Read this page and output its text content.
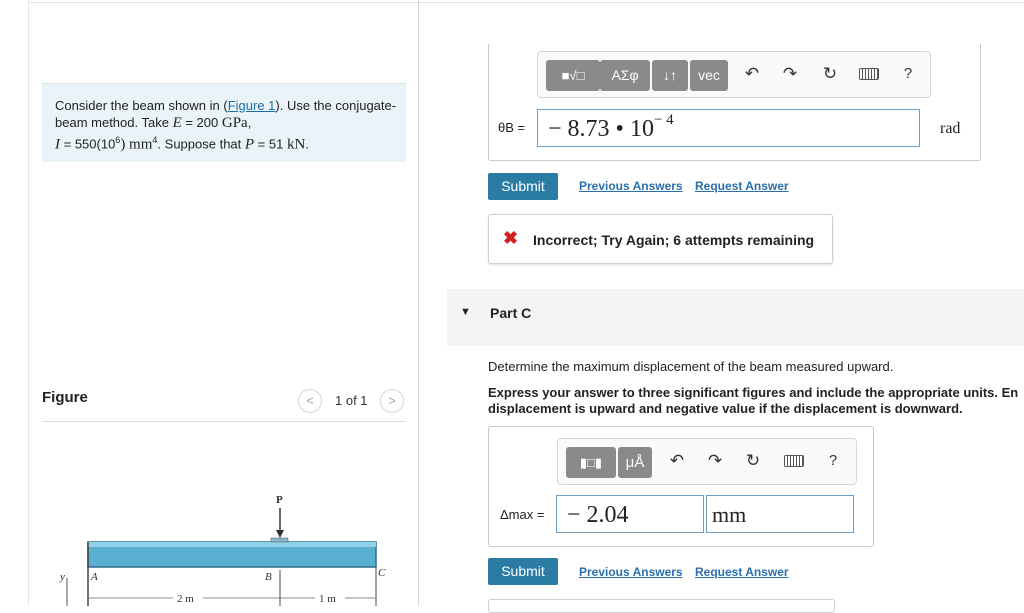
Consider the beam shown in (Figure 1). Use the conjugate-beam method. Take E = 200 GPa,
$I = 550(10^6)$ $mm^4$. Suppose that P = 51 kN.
Figure	<	1 of 1	>
y
P
A	B	C
2 m	1 m
■√□	ΑΣφ	↓↑	vec	↶	↷	↻	?
θB = − 8.73 • $10^{- 4}$	rad
Submit	Previous Answers Request Answer
✖ Incorrect; Try Again; 6 attempts remaining
▼ Part C
Determine the maximum displacement of the beam measured upward.
Express your answer to three significant figures and include the appropriate units. En
displacement is upward and negative value if the displacement is downward.
▮□▮	μÅ	↶	↷	↻	?
Δmax = − 2.04	mm
Submit	Previous Answers Request Answer
